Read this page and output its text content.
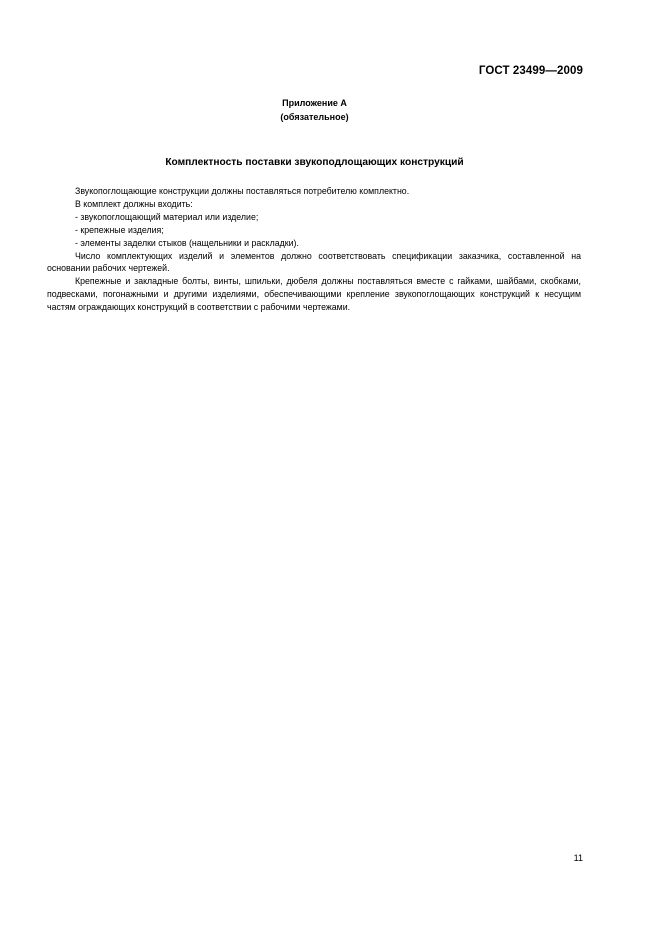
ГОСТ 23499—2009
Приложение А
(обязательное)
Комплектность поставки звукоподлощающих конструкций

Звукопоглощающие конструкции должны поставляться потребителю комплектно.

В комплект должны входить:

- звукопоглощающий материал или изделие;

- крепежные изделия;

- элементы заделки стыков (нащельники и раскладки).

Число комплектующих изделий и элементов должно соответствовать спецификации заказчика, составленной на основании рабочих чертежей.

Крепежные и закладные болты, винты, шпильки, дюбеля должны поставляться вместе с гайками, шайбами, скобками, подвесками, погонажными и другими изделиями, обеспечивающими крепление звукопоглощающих конструкций к несущим частям ограждающих конструкций в соответствии с рабочими чертежами.

11
